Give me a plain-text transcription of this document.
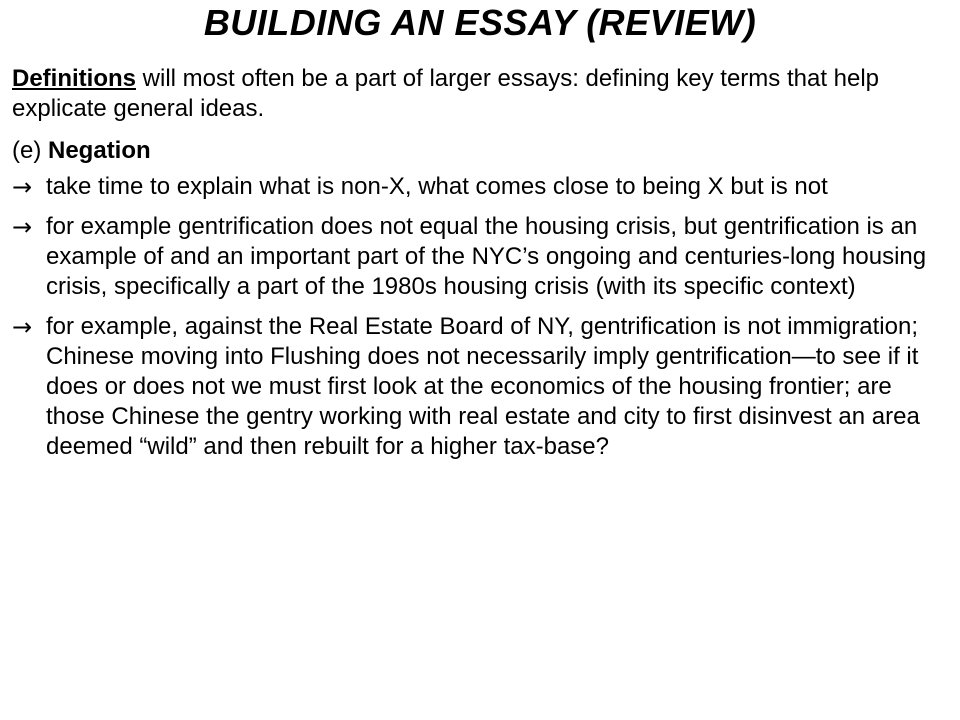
BUILDING AN ESSAY (REVIEW)

Definitions will most often be a part of larger essays: defining key terms that help explicate general ideas.

(e) Negation

→ take time to explain what is non-X, what comes close to being X but is not
→ for example gentrification does not equal the housing crisis, but gentrification is an example of and an important part of the NYC’s ongoing and centuries-long housing crisis, specifically a part of the 1980s housing crisis (with its specific context)
→ for example, against the Real Estate Board of NY, gentrification is not immigration; Chinese moving into Flushing does not necessarily imply gentrification—to see if it does or does not we must first look at the economics of the housing frontier; are those Chinese the gentry working with real estate and city to first disinvest an area deemed “wild” and then rebuilt for a higher tax-base?
